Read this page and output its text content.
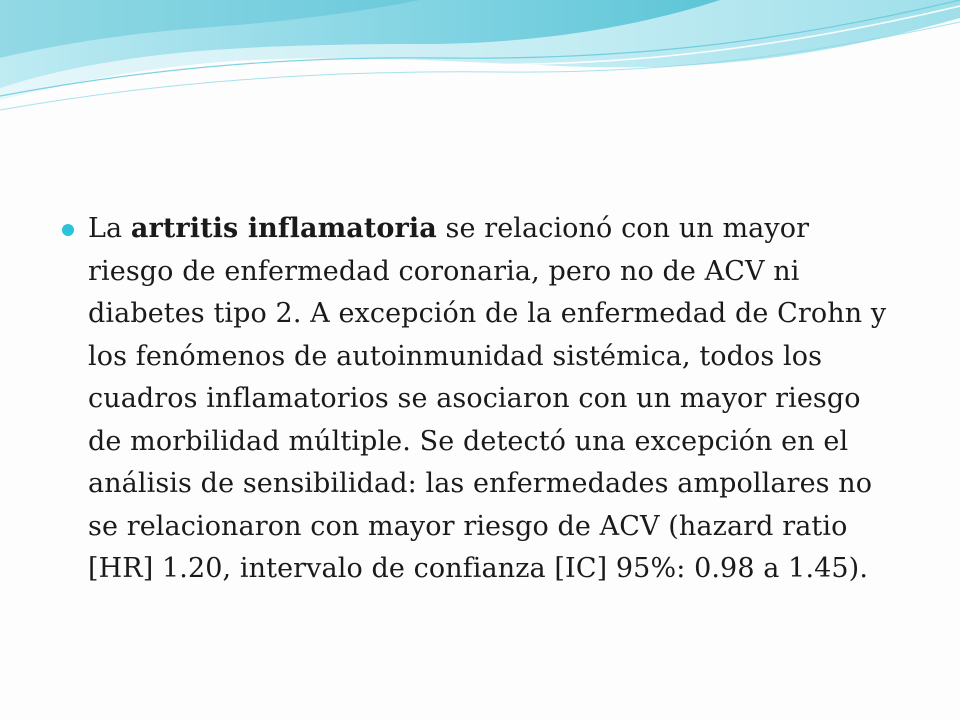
La artritis inflamatoria se relacionó con un mayor riesgo de enfermedad coronaria, pero no de ACV ni diabetes tipo 2. A excepción de la enfermedad de Crohn y los fenómenos de autoinmunidad sistémica, todos los cuadros inflamatorios se asociaron con un mayor riesgo de morbilidad múltiple. Se detectó una excepción en el análisis de sensibilidad: las enfermedades ampollares no se relacionaron con mayor riesgo de ACV (hazard ratio [HR] 1.20, intervalo de confianza [IC] 95%: 0.98 a 1.45).
